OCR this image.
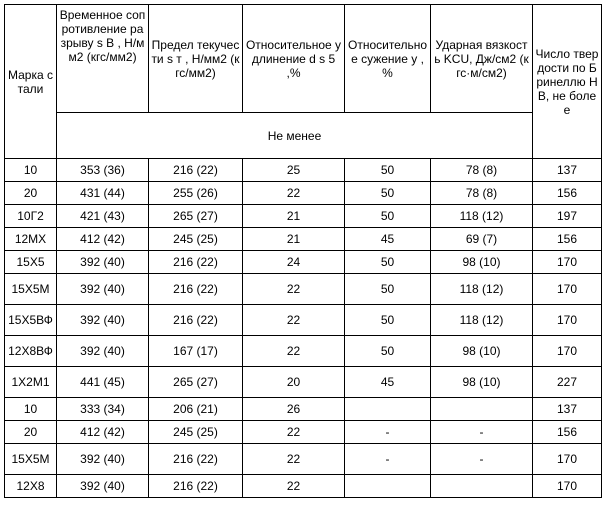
Марка стали	Временное сопротивление разрыву s В , Н/мм2 (кгс/мм2)	Предел текучести s т , Н/мм2 (кгс/мм2)	Относительное удлинение d s 5 ,%	Относительное сужение y , %	Ударная вязкость KCU, Дж/см2 (кгс·м/см2)	Число твердости по Бринеллю НВ, не более
	Не менее					
10	353 (36)	216 (22)	25	50	78 (8)	137
20	431 (44)	255 (26)	22	50	78 (8)	156
10Г2	421 (43)	265 (27)	21	50	118 (12)	197
12МХ	412 (42)	245 (25)	21	45	69 (7)	156
15Х5	392 (40)	216 (22)	24	50	98 (10)	170
15Х5М	392 (40)	216 (22)	22	50	118 (12)	170
15Х5ВФ	392 (40)	216 (22)	22	50	118 (12)	170
12Х8ВФ	392 (40)	167 (17)	22	50	98 (10)	170
1Х2М1	441 (45)	265 (27)	20	45	98 (10)	227
10	333 (34)	206 (21)	26			137
20	412 (42)	245 (25)	22	-	-	156
15Х5М	392 (40)	216 (22)	22	-	-	170
12Х8	392 (40)	216 (22)	22			170
